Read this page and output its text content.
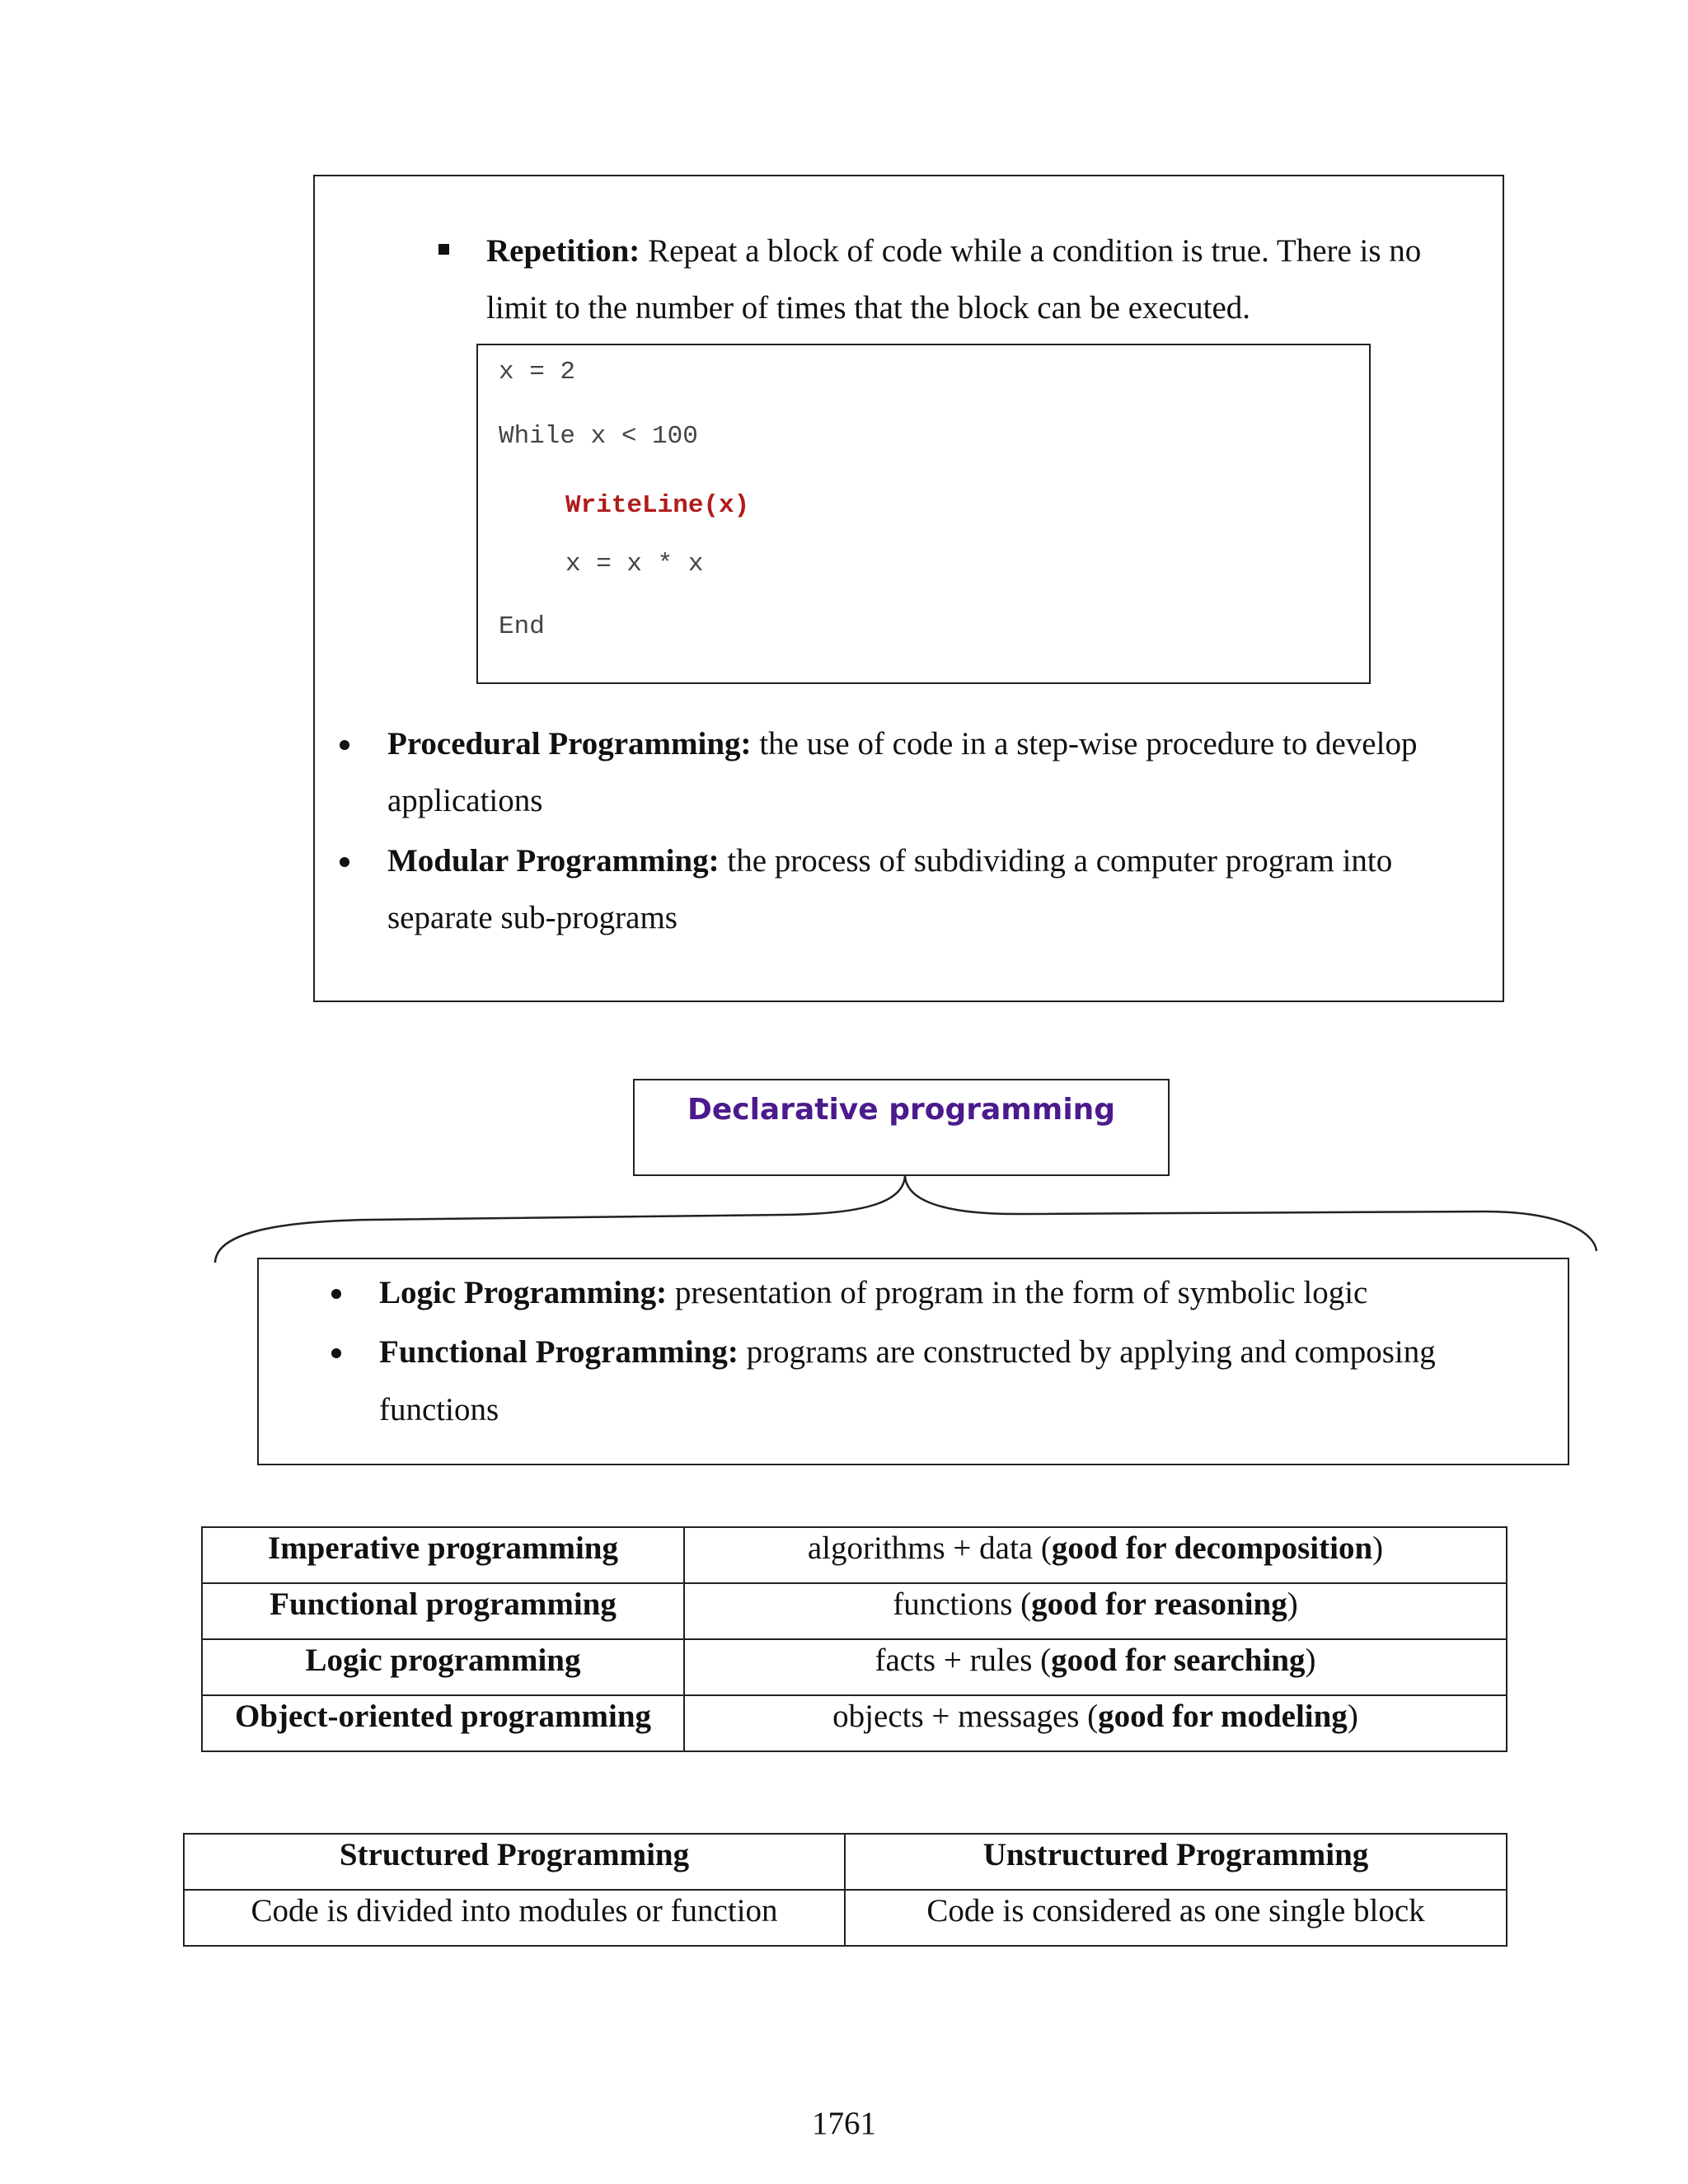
Repetition: Repeat a block of code while a condition is true. There is no
limit to the number of times that the block can be executed.
x = 2
While x < 100
WriteLine(x)
x = x * x
End
Procedural Programming: the use of code in a step-wise procedure to develop
applications
Modular Programming: the process of subdividing a computer program into
separate sub-programs
Declarative programming
Logic Programming: presentation of program in the form of symbolic logic
Functional Programming: programs are constructed by applying and composing
functions
Imperative programming	algorithms + data (good for decomposition)
Functional programming	functions (good for reasoning)
Logic programming	facts + rules (good for searching)
Object-oriented programming	objects + messages (good for modeling)
Structured Programming	Unstructured Programming
Code is divided into modules or function	Code is considered as one single block
1761
